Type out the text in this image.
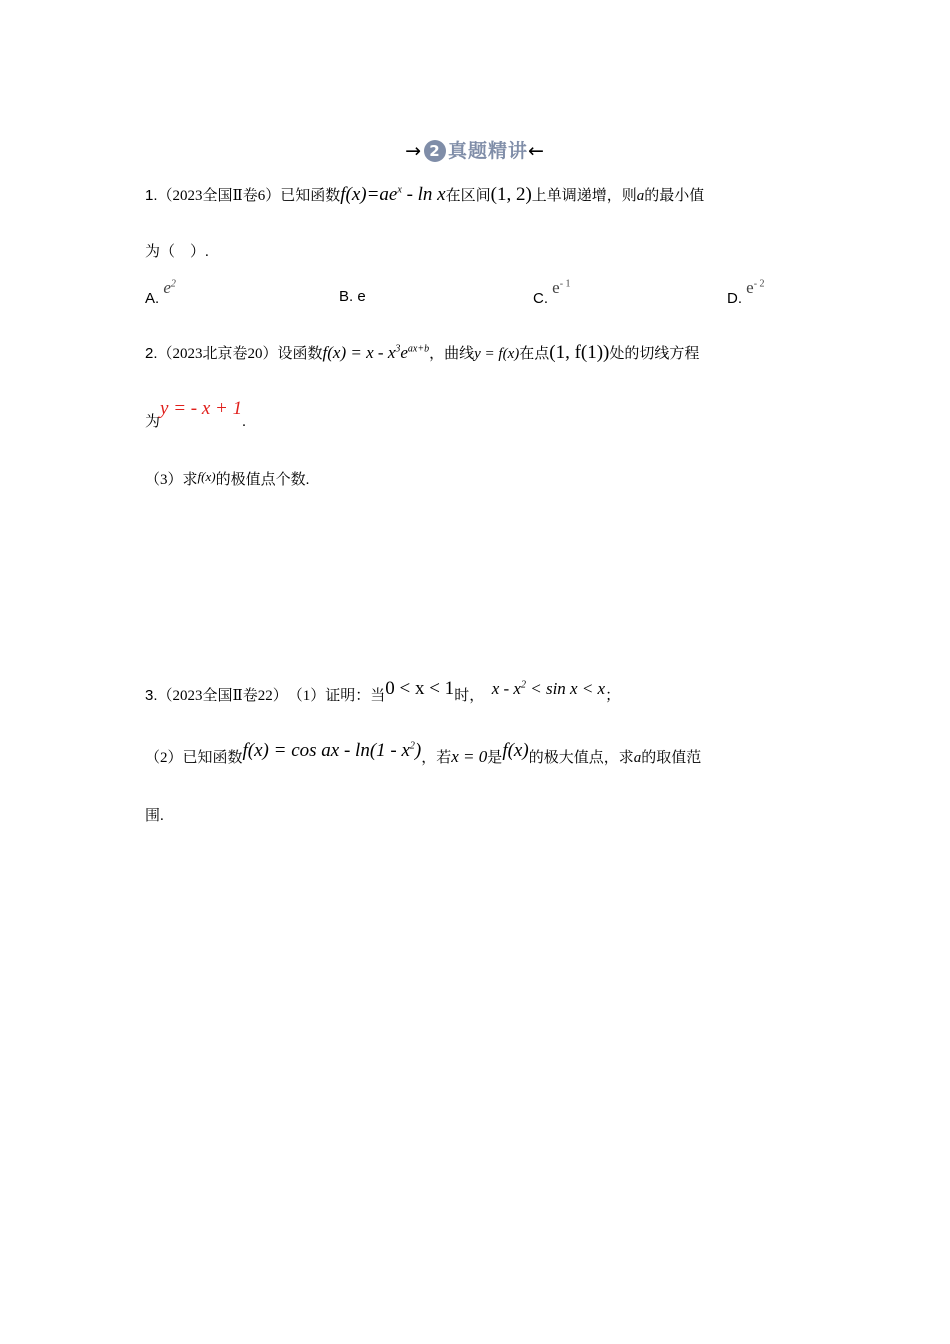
→ 2 真题精讲←
1.（2023全国Ⅱ卷6）已知函数$f(x)=ae^x - \ln x$在区间(1, 2)上单调递增，则a的最小值
为（　）.
A. $e^2$
B. e	C. $e^{- 1}$
D. $e^{- 2}$
2.（2023北京卷20）设函数$f(x) = x - x^3e^{ax+b}$，曲线y = f(x)在点(1, f(1))处的切线方程
为y = - x + 1.
（3）求f(x)的极值点个数.
3.（2023全国Ⅱ卷22）　 （1）证明：当0 < x < 1时，　 $x - x^2 < \sin x < x$；
（2）已知函数f(x) = cos ax - $\ln(1 - x^2)$，若x = 0是f(x)的极大值点，求a的取值范
围.
